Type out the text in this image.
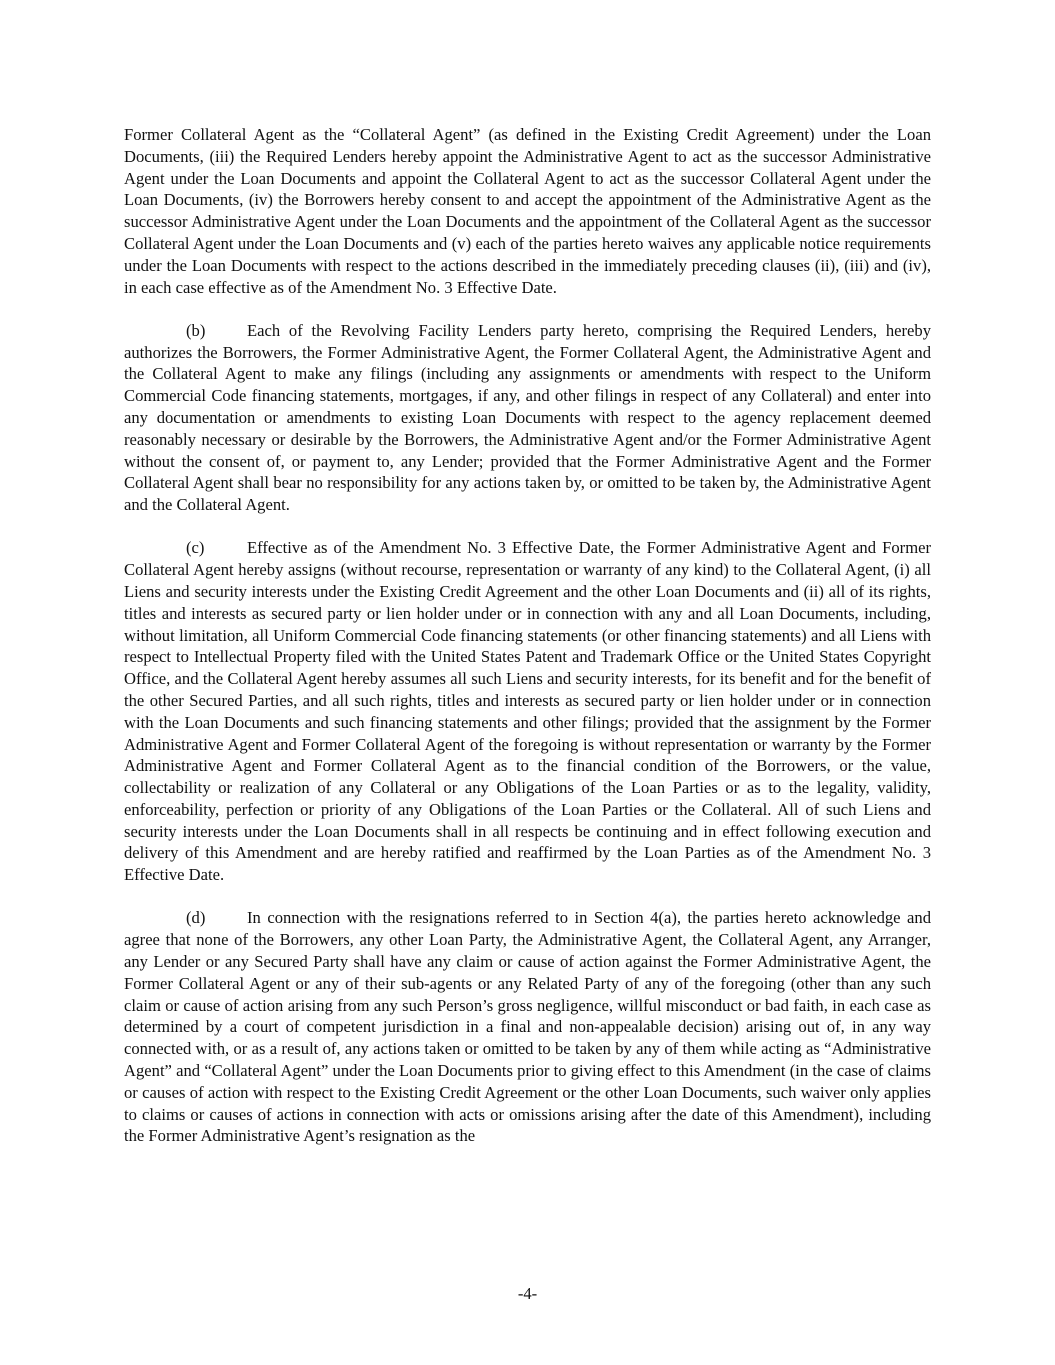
Former Collateral Agent as the “Collateral Agent” (as defined in the Existing Credit Agreement) under the Loan Documents, (iii) the Required Lenders hereby appoint the Administrative Agent to act as the successor Administrative Agent under the Loan Documents and appoint the Collateral Agent to act as the successor Collateral Agent under the Loan Documents, (iv) the Borrowers hereby consent to and accept the appointment of the Administrative Agent as the successor Administrative Agent under the Loan Documents and the appointment of the Collateral Agent as the successor Collateral Agent under the Loan Documents and (v) each of the parties hereto waives any applicable notice requirements under the Loan Documents with respect to the actions described in the immediately preceding clauses (ii), (iii) and (iv), in each case effective as of the Amendment No. 3 Effective Date.

(b)	Each of the Revolving Facility Lenders party hereto, comprising the Required Lenders, hereby authorizes the Borrowers, the Former Administrative Agent, the Former Collateral Agent, the Administrative Agent and the Collateral Agent to make any filings (including any assignments or amendments with respect to the Uniform Commercial Code financing statements, mortgages, if any, and other filings in respect of any Collateral) and enter into any documentation or amendments to existing Loan Documents with respect to the agency replacement deemed reasonably necessary or desirable by the Borrowers, the Administrative Agent and/or the Former Administrative Agent without the consent of, or payment to, any Lender; provided that the Former Administrative Agent and the Former Collateral Agent shall bear no responsibility for any actions taken by, or omitted to be taken by, the Administrative Agent and the Collateral Agent.

(c)	Effective as of the Amendment No. 3 Effective Date, the Former Administrative Agent and Former Collateral Agent hereby assigns (without recourse, representation or warranty of any kind) to the Collateral Agent, (i) all Liens and security interests under the Existing Credit Agreement and the other Loan Documents and (ii) all of its rights, titles and interests as secured party or lien holder under or in connection with any and all Loan Documents, including, without limitation, all Uniform Commercial Code financing statements (or other financing statements) and all Liens with respect to Intellectual Property filed with the United States Patent and Trademark Office or the United States Copyright Office, and the Collateral Agent hereby assumes all such Liens and security interests, for its benefit and for the benefit of the other Secured Parties, and all such rights, titles and interests as secured party or lien holder under or in connection with the Loan Documents and such financing statements and other filings; provided that the assignment by the Former Administrative Agent and Former Collateral Agent of the foregoing is without representation or warranty by the Former Administrative Agent and Former Collateral Agent as to the financial condition of the Borrowers, or the value, collectability or realization of any Collateral or any Obligations of the Loan Parties or as to the legality, validity, enforceability, perfection or priority of any Obligations of the Loan Parties or the Collateral. All of such Liens and security interests under the Loan Documents shall in all respects be continuing and in effect following execution and delivery of this Amendment and are hereby ratified and reaffirmed by the Loan Parties as of the Amendment No. 3 Effective Date.

(d)	In connection with the resignations referred to in Section 4(a), the parties hereto acknowledge and agree that none of the Borrowers, any other Loan Party, the Administrative Agent, the Collateral Agent, any Arranger, any Lender or any Secured Party shall have any claim or cause of action against the Former Administrative Agent, the Former Collateral Agent or any of their sub-agents or any Related Party of any of the foregoing (other than any such claim or cause of action arising from any such Person’s gross negligence, willful misconduct or bad faith, in each case as determined by a court of competent jurisdiction in a final and non-appealable decision) arising out of, in any way connected with, or as a result of, any actions taken or omitted to be taken by any of them while acting as “Administrative Agent” and “Collateral Agent” under the Loan Documents prior to giving effect to this Amendment (in the case of claims or causes of action with respect to the Existing Credit Agreement or the other Loan Documents, such waiver only applies to claims or causes of actions in connection with acts or omissions arising after the date of this Amendment), including the Former Administrative Agent’s resignation as the

-4-
